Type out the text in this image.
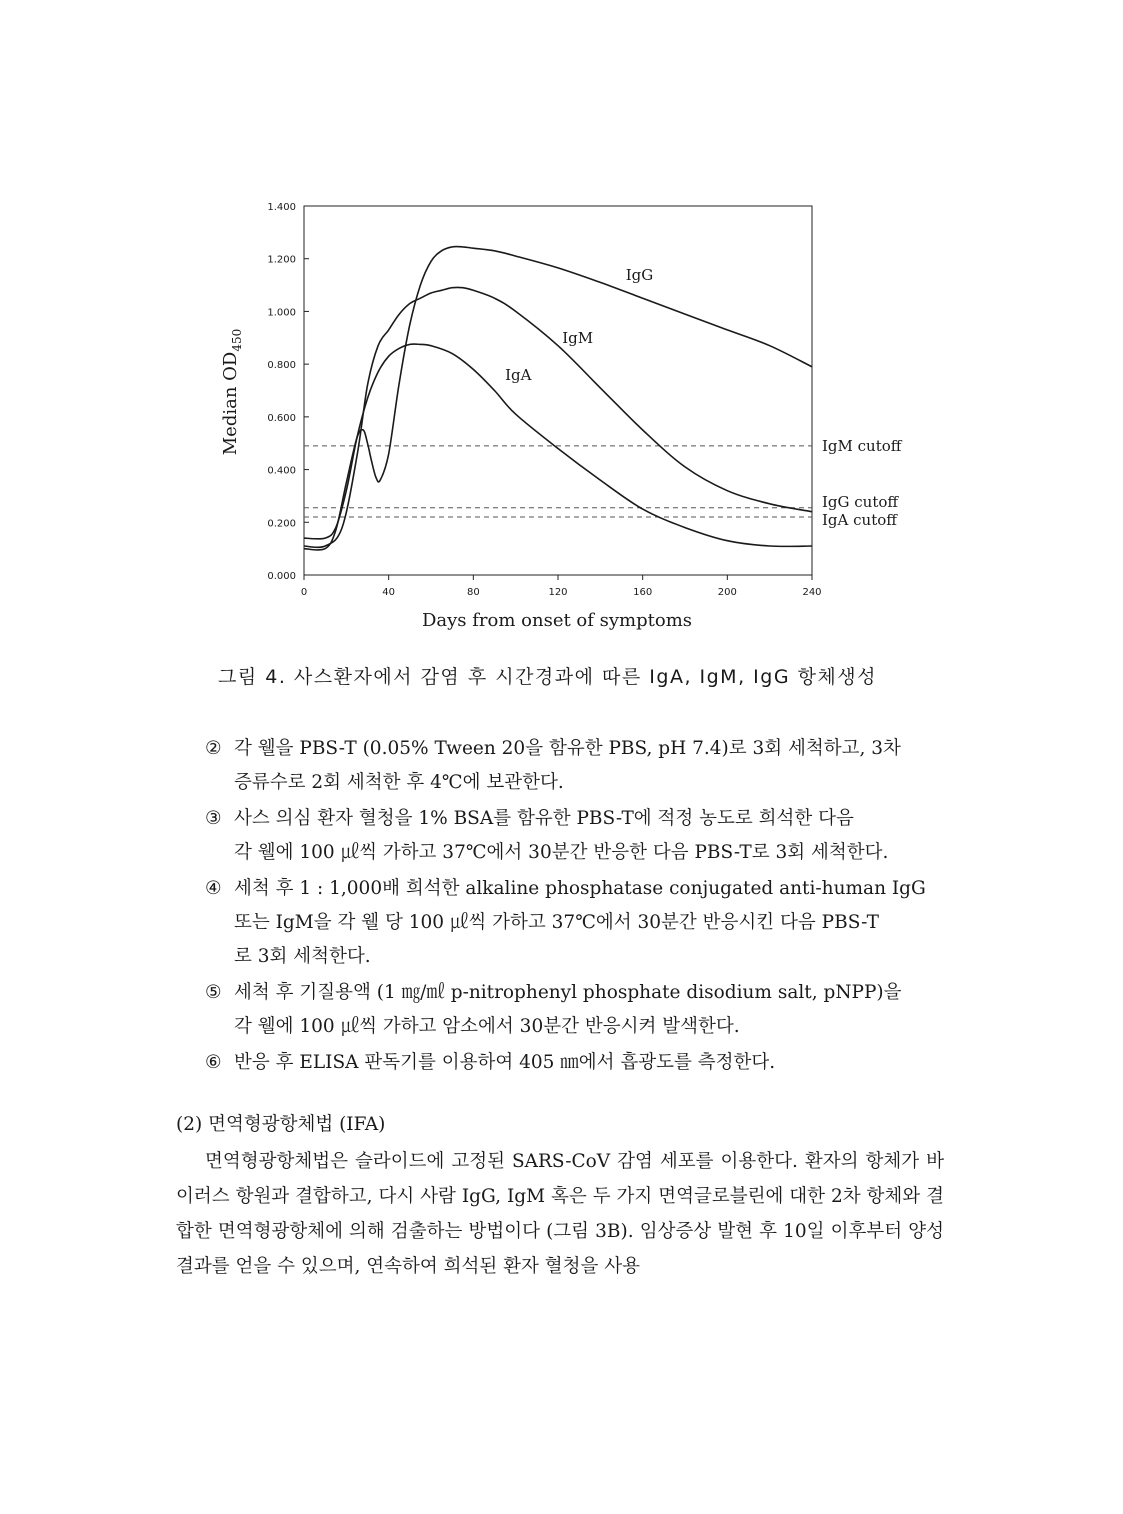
0.000
0.200
0.400
0.600
0.800
1.000
1.200
1.400
0	40	80	120	160	200	240
IgM cutoff
IgG cutoff
IgA cutoff
IgG
IgM
IgA
Days from onset of symptoms
Median $OD_{450}$
그림 4. 사스환자에서 감염 후 시간경과에 따른 IgA, IgM, IgG 항체생성
② 각 웰을 PBS-T (0.05% Tween 20을 함유한 PBS, pH 7.4)로 3회 세척하고, 3차
증류수로 2회 세척한 후 4℃에 보관한다.
③ 사스 의심 환자 혈청을 1% BSA를 함유한 PBS-T에 적정 농도로 희석한 다음
각 웰에 100 ㎕씩 가하고 37℃에서 30분간 반응한 다음 PBS-T로 3회 세척한다.
④ 세척 후 1 : 1,000배 희석한 alkaline phosphatase conjugated anti-human IgG
또는 IgM을 각 웰 당 100 ㎕씩 가하고 37℃에서 30분간 반응시킨 다음 PBS-T
로 3회 세척한다.
⑤ 세척 후 기질용액 (1 ㎎/㎖ p-nitrophenyl phosphate disodium salt, pNPP)을
각 웰에 100 ㎕씩 가하고 암소에서 30분간 반응시켜 발색한다.
⑥ 반응 후 ELISA 판독기를 이용하여 405 ㎚에서 흡광도를 측정한다.
(2) 면역형광항체법 (IFA)

면역형광항체법은 슬라이드에 고정된 SARS-CoV 감염 세포를 이용한다. 환자의 항체가 바이러스 항원과 결합하고, 다시 사람 IgG, IgM 혹은 두 가지 면역글로블린에 대한 2차 항체와 결합한 면역형광항체에 의해 검출하는 방법이다 (그림 3B). 임상증상 발현 후 10일 이후부터 양성 결과를 얻을 수 있으며, 연속하여 희석된 환자 혈청을 사용
